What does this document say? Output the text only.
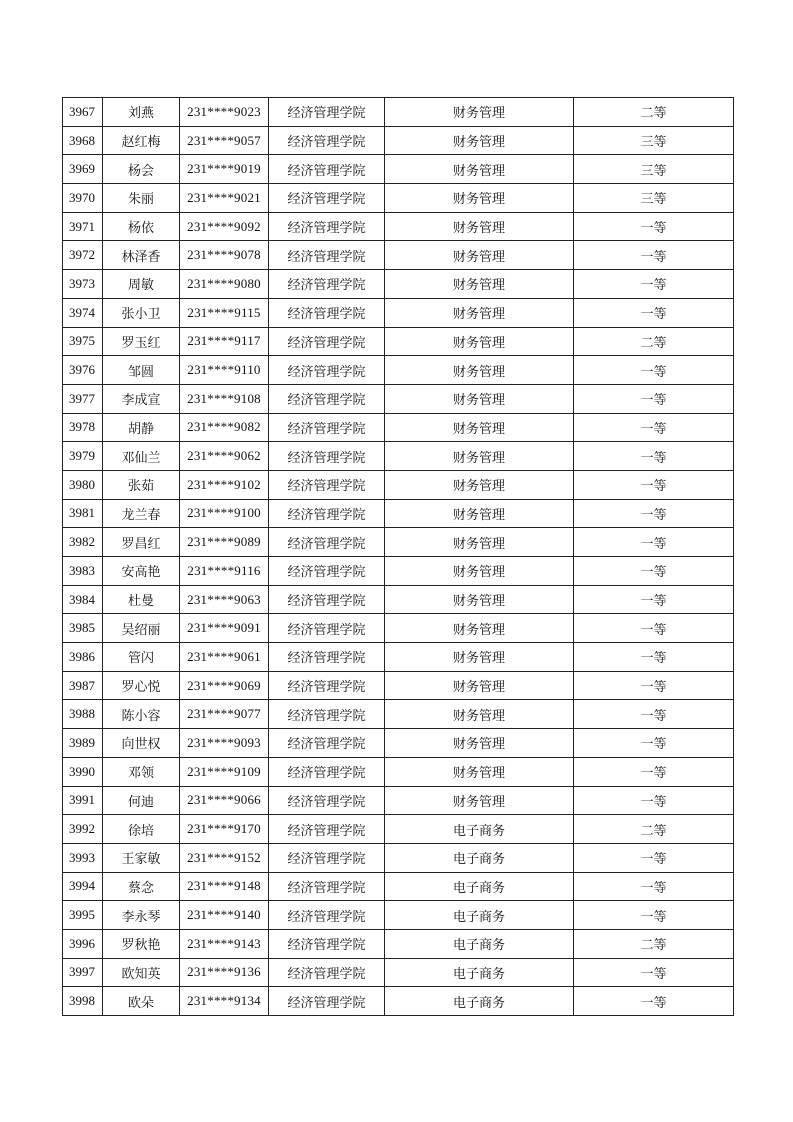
3967	刘燕	231****9023	经济管理学院	财务管理	二等
3968	赵红梅	231****9057	经济管理学院	财务管理	三等
3969	杨会	231****9019	经济管理学院	财务管理	三等
3970	朱丽	231****9021	经济管理学院	财务管理	三等
3971	杨依	231****9092	经济管理学院	财务管理	一等
3972	林泽香	231****9078	经济管理学院	财务管理	一等
3973	周敏	231****9080	经济管理学院	财务管理	一等
3974	张小卫	231****9115	经济管理学院	财务管理	一等
3975	罗玉红	231****9117	经济管理学院	财务管理	二等
3976	邹圆	231****9110	经济管理学院	财务管理	一等
3977	李成宣	231****9108	经济管理学院	财务管理	一等
3978	胡静	231****9082	经济管理学院	财务管理	一等
3979	邓仙兰	231****9062	经济管理学院	财务管理	一等
3980	张茹	231****9102	经济管理学院	财务管理	一等
3981	龙兰春	231****9100	经济管理学院	财务管理	一等
3982	罗昌红	231****9089	经济管理学院	财务管理	一等
3983	安高艳	231****9116	经济管理学院	财务管理	一等
3984	杜曼	231****9063	经济管理学院	财务管理	一等
3985	吴绍丽	231****9091	经济管理学院	财务管理	一等
3986	管闪	231****9061	经济管理学院	财务管理	一等
3987	罗心悦	231****9069	经济管理学院	财务管理	一等
3988	陈小容	231****9077	经济管理学院	财务管理	一等
3989	向世权	231****9093	经济管理学院	财务管理	一等
3990	邓领	231****9109	经济管理学院	财务管理	一等
3991	何迪	231****9066	经济管理学院	财务管理	一等
3992	徐培	231****9170	经济管理学院	电子商务	二等
3993	王家敏	231****9152	经济管理学院	电子商务	一等
3994	蔡念	231****9148	经济管理学院	电子商务	一等
3995	李永琴	231****9140	经济管理学院	电子商务	一等
3996	罗秋艳	231****9143	经济管理学院	电子商务	二等
3997	欧知英	231****9136	经济管理学院	电子商务	一等
3998	欧朵	231****9134	经济管理学院	电子商务	一等
